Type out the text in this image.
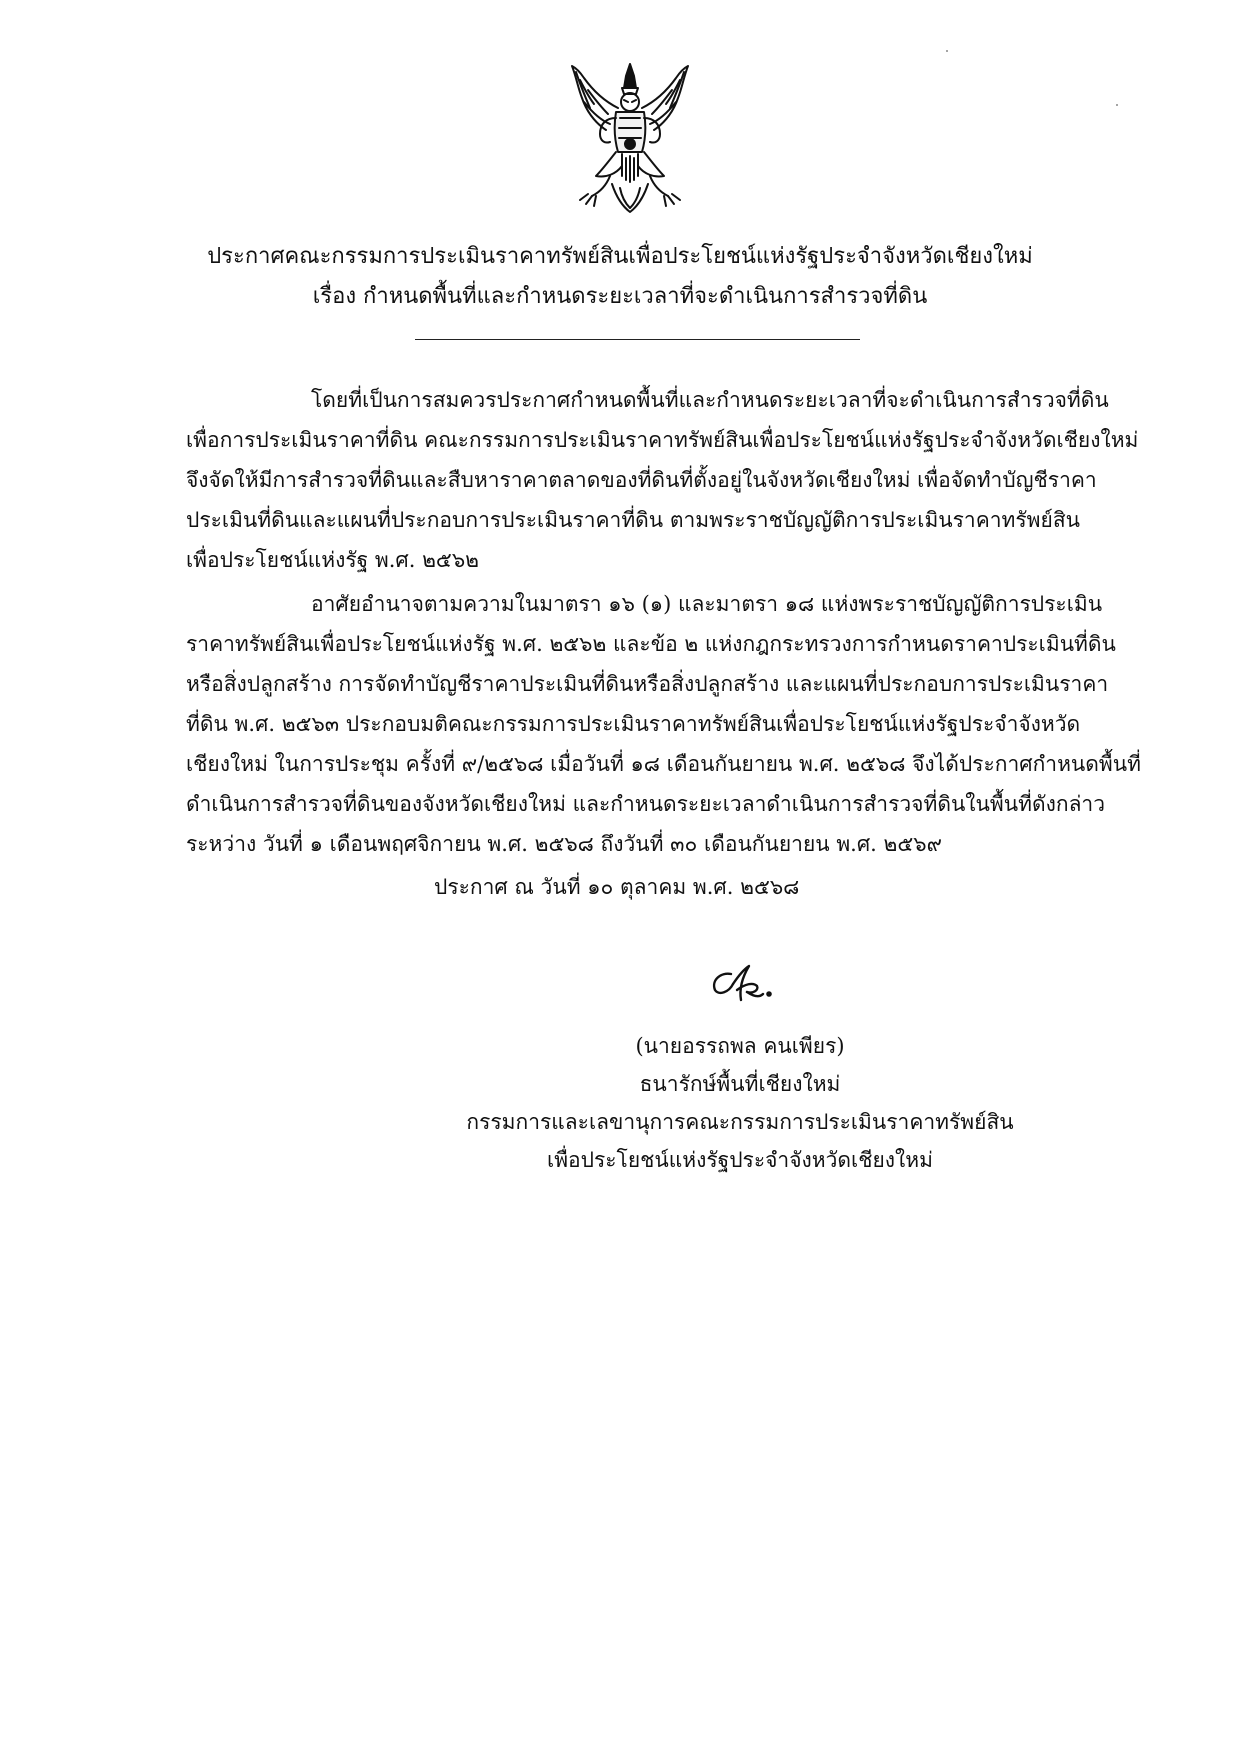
ประกาศคณะกรรมการประเมินราคาทรัพย์สินเพื่อประโยชน์แห่งรัฐประจำจังหวัดเชียงใหม่
เรื่อง กำหนดพื้นที่และกำหนดระยะเวลาที่จะดำเนินการสำรวจที่ดิน
โดยที่เป็นการสมควรประกาศกำหนดพื้นที่และกำหนดระยะเวลาที่จะดำเนินการสำรวจที่ดิน
เพื่อการประเมินราคาที่ดิน คณะกรรมการประเมินราคาทรัพย์สินเพื่อประโยชน์แห่งรัฐประจำจังหวัดเชียงใหม่
จึงจัดให้มีการสำรวจที่ดินและสืบหาราคาตลาดของที่ดินที่ตั้งอยู่ในจังหวัดเชียงใหม่ เพื่อจัดทำบัญชีราคา
ประเมินที่ดินและแผนที่ประกอบการประเมินราคาที่ดิน ตามพระราชบัญญัติการประเมินราคาทรัพย์สิน
เพื่อประโยชน์แห่งรัฐ พ.ศ. ๒๕๖๒
อาศัยอำนาจตามความในมาตรา ๑๖ (๑) และมาตรา ๑๘ แห่งพระราชบัญญัติการประเมิน
ราคาทรัพย์สินเพื่อประโยชน์แห่งรัฐ พ.ศ. ๒๕๖๒ และข้อ ๒ แห่งกฎกระทรวงการกำหนดราคาประเมินที่ดิน
หรือสิ่งปลูกสร้าง การจัดทำบัญชีราคาประเมินที่ดินหรือสิ่งปลูกสร้าง และแผนที่ประกอบการประเมินราคา
ที่ดิน พ.ศ. ๒๕๖๓ ประกอบมติคณะกรรมการประเมินราคาทรัพย์สินเพื่อประโยชน์แห่งรัฐประจำจังหวัด
เชียงใหม่ ในการประชุม ครั้งที่ ๙/๒๕๖๘ เมื่อวันที่ ๑๘ เดือนกันยายน พ.ศ. ๒๕๖๘ จึงได้ประกาศกำหนดพื้นที่
ดำเนินการสำรวจที่ดินของจังหวัดเชียงใหม่ และกำหนดระยะเวลาดำเนินการสำรวจที่ดินในพื้นที่ดังกล่าว
ระหว่าง วันที่ ๑ เดือนพฤศจิกายน พ.ศ. ๒๕๖๘ ถึงวันที่ ๓๐ เดือนกันยายน พ.ศ. ๒๕๖๙
ประกาศ ณ วันที่ ๑๐ ตุลาคม พ.ศ. ๒๕๖๘
(นายอรรถพล คนเพียร)
ธนารักษ์พื้นที่เชียงใหม่
กรรมการและเลขานุการคณะกรรมการประเมินราคาทรัพย์สิน
เพื่อประโยชน์แห่งรัฐประจำจังหวัดเชียงใหม่
